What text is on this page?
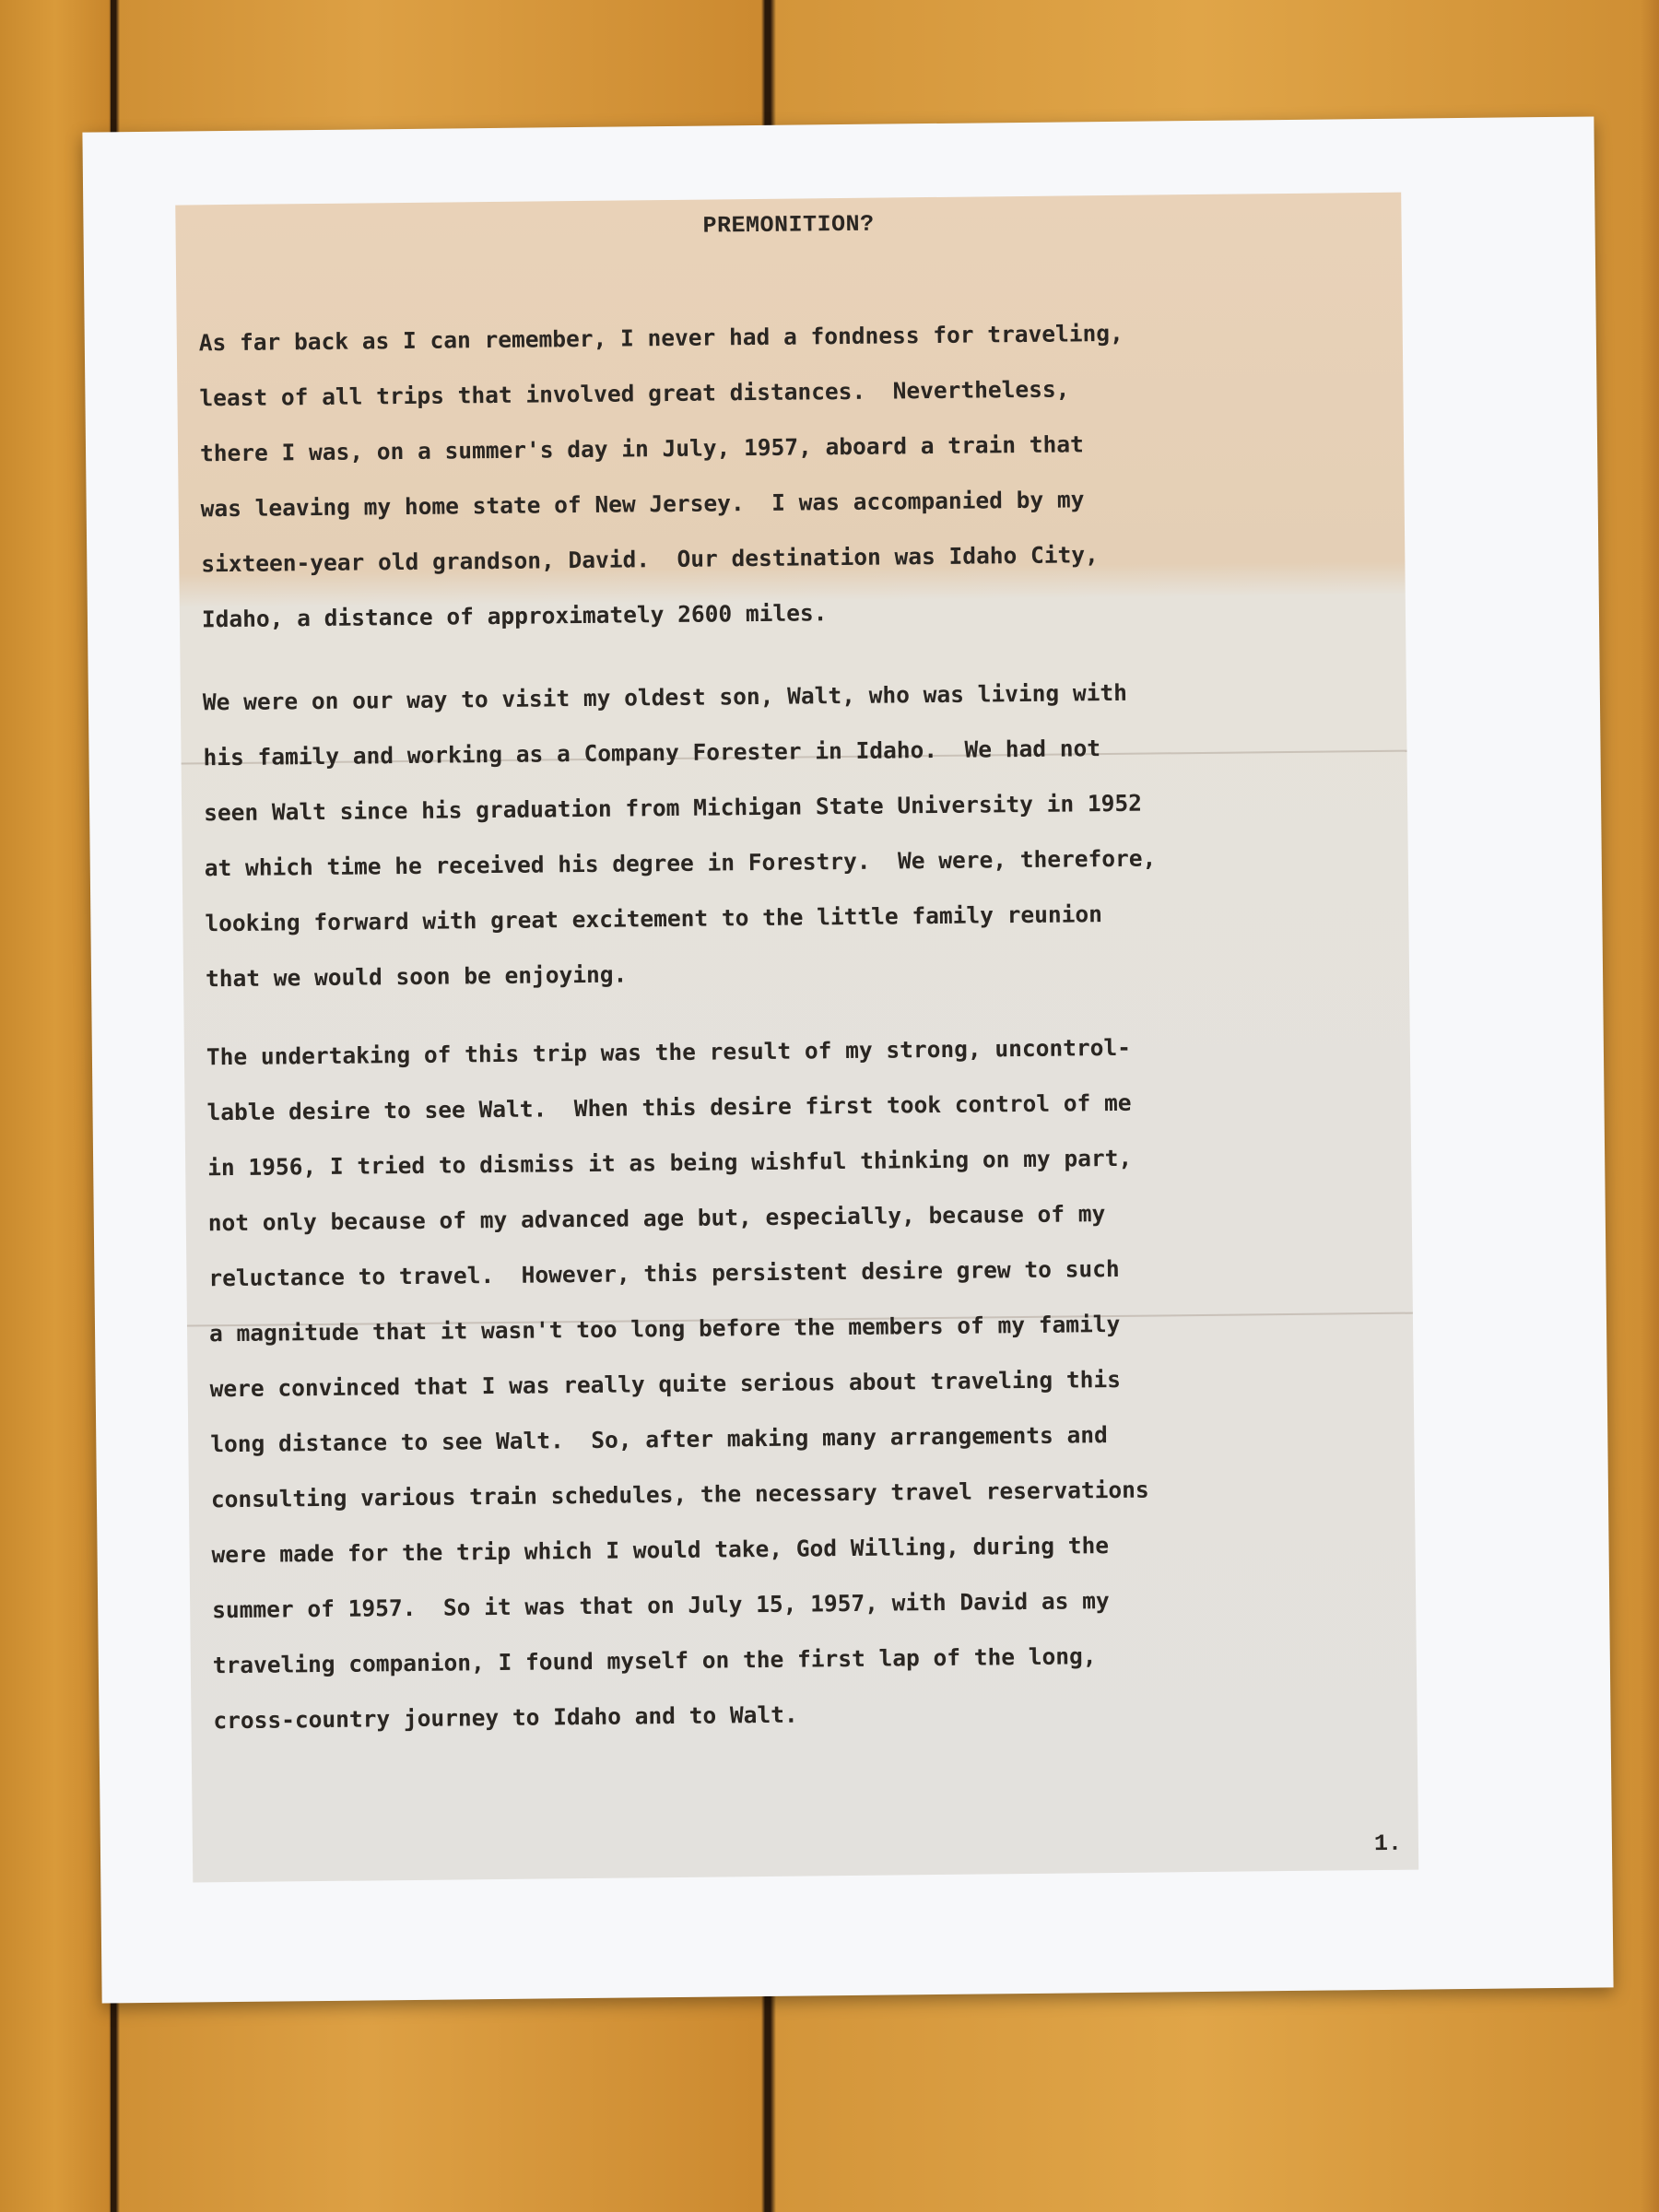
PREMONITION?
As far back as I can remember, I never had a fondness for traveling,
least of all trips that involved great distances.  Nevertheless,
there I was, on a summer's day in July, 1957, aboard a train that
was leaving my home state of New Jersey.  I was accompanied by my
sixteen-year old grandson, David.  Our destination was Idaho City,
Idaho, a distance of approximately 2600 miles.
We were on our way to visit my oldest son, Walt, who was living with
his family and working as a Company Forester in Idaho.  We had not
seen Walt since his graduation from Michigan State University in 1952
at which time he received his degree in Forestry.  We were, therefore,
looking forward with great excitement to the little family reunion
that we would soon be enjoying.
The undertaking of this trip was the result of my strong, uncontrol-
lable desire to see Walt.  When this desire first took control of me
in 1956, I tried to dismiss it as being wishful thinking on my part,
not only because of my advanced age but, especially, because of my
reluctance to travel.  However, this persistent desire grew to such
a magnitude that it wasn't too long before the members of my family
were convinced that I was really quite serious about traveling this
long distance to see Walt.  So, after making many arrangements and
consulting various train schedules, the necessary travel reservations
were made for the trip which I would take, God Willing, during the
summer of 1957.  So it was that on July 15, 1957, with David as my
traveling companion, I found myself on the first lap of the long,
cross-country journey to Idaho and to Walt.
1.
